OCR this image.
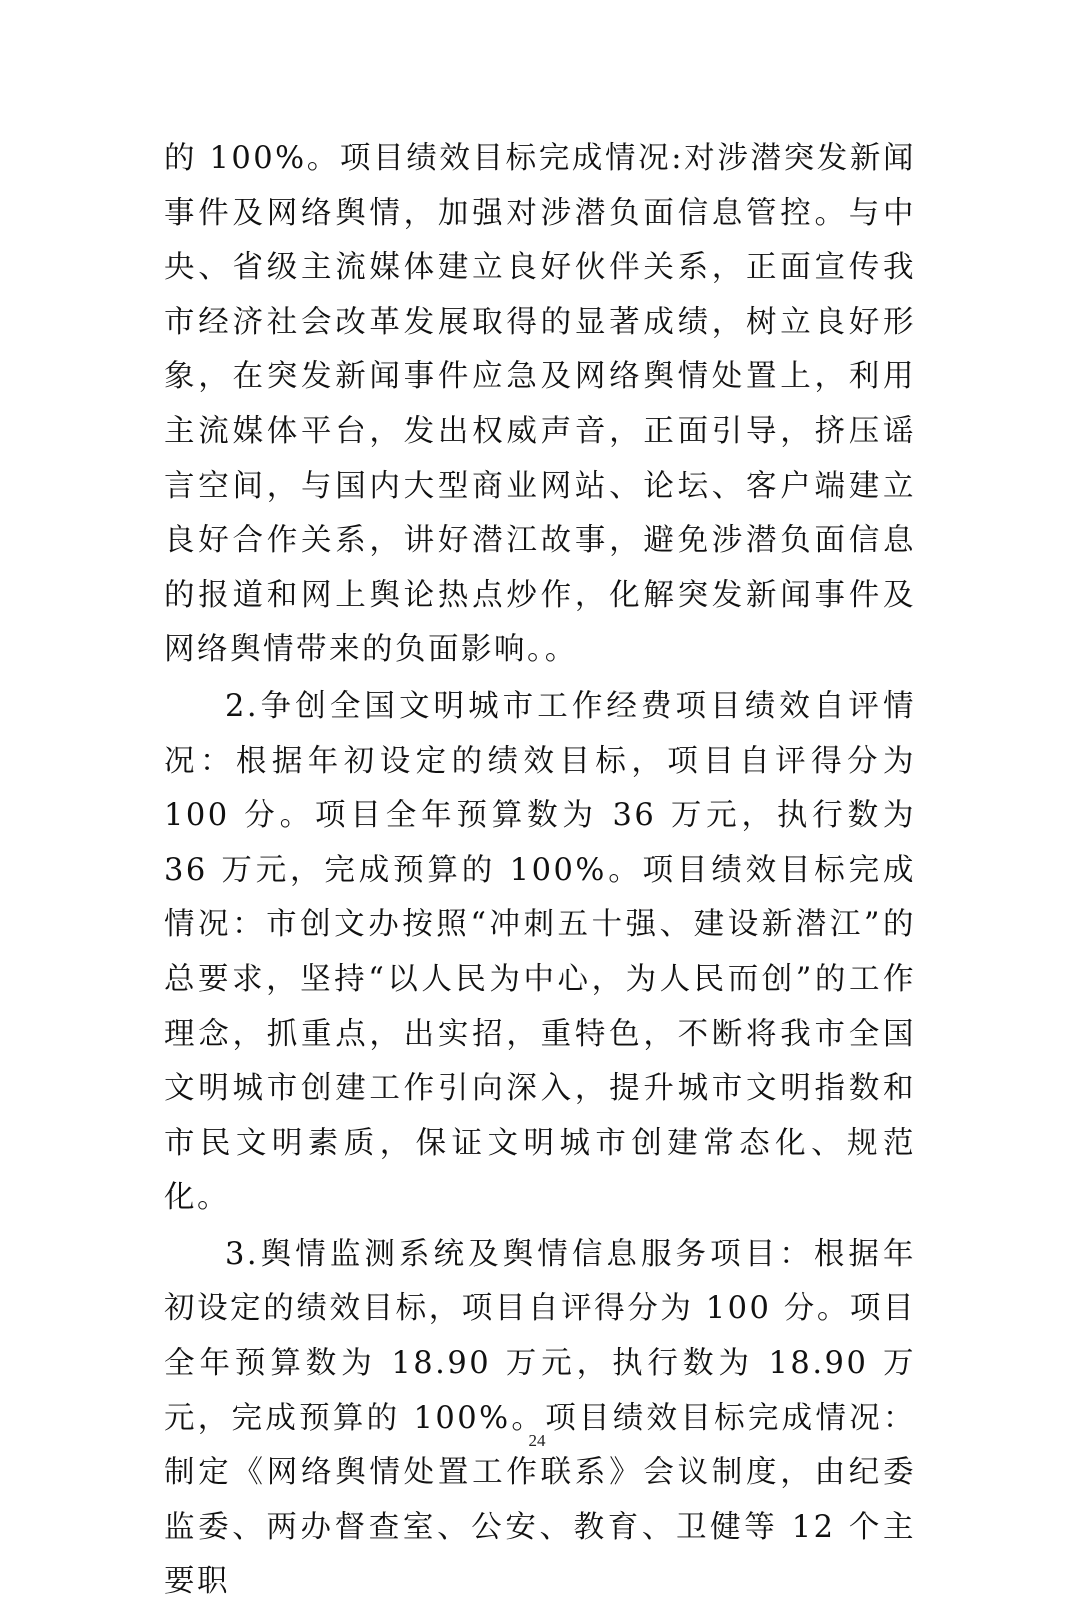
的 100%。项目绩效目标完成情况:对涉潜突发新闻事件及网络舆情，加强对涉潜负面信息管控。与中央、省级主流媒体建立良好伙伴关系，正面宣传我市经济社会改革发展取得的显著成绩，树立良好形象，在突发新闻事件应急及网络舆情处置上，利用主流媒体平台，发出权威声音，正面引导，挤压谣言空间，与国内大型商业网站、论坛、客户端建立良好合作关系，讲好潜江故事，避免涉潜负面信息的报道和网上舆论热点炒作，化解突发新闻事件及网络舆情带来的负面影响。。

2.争创全国文明城市工作经费项目绩效自评情况：根据年初设定的绩效目标，项目自评得分为 100 分。项目全年预算数为 36 万元，执行数为 36 万元，完成预算的 100%。项目绩效目标完成情况：市创文办按照“冲刺五十强、建设新潜江”的总要求，坚持“以人民为中心，为人民而创”的工作理念，抓重点，出实招，重特色，不断将我市全国文明城市创建工作引向深入，提升城市文明指数和市民文明素质，保证文明城市创建常态化、规范化。

3.舆情监测系统及舆情信息服务项目：根据年初设定的绩效目标，项目自评得分为 100 分。项目全年预算数为 18.90 万元，执行数为 18.90 万元，完成预算的 100%。项目绩效目标完成情况：制定《网络舆情处置工作联系》会议制度，由纪委监委、两办督查室、公安、教育、卫健等 12 个主要职

24
